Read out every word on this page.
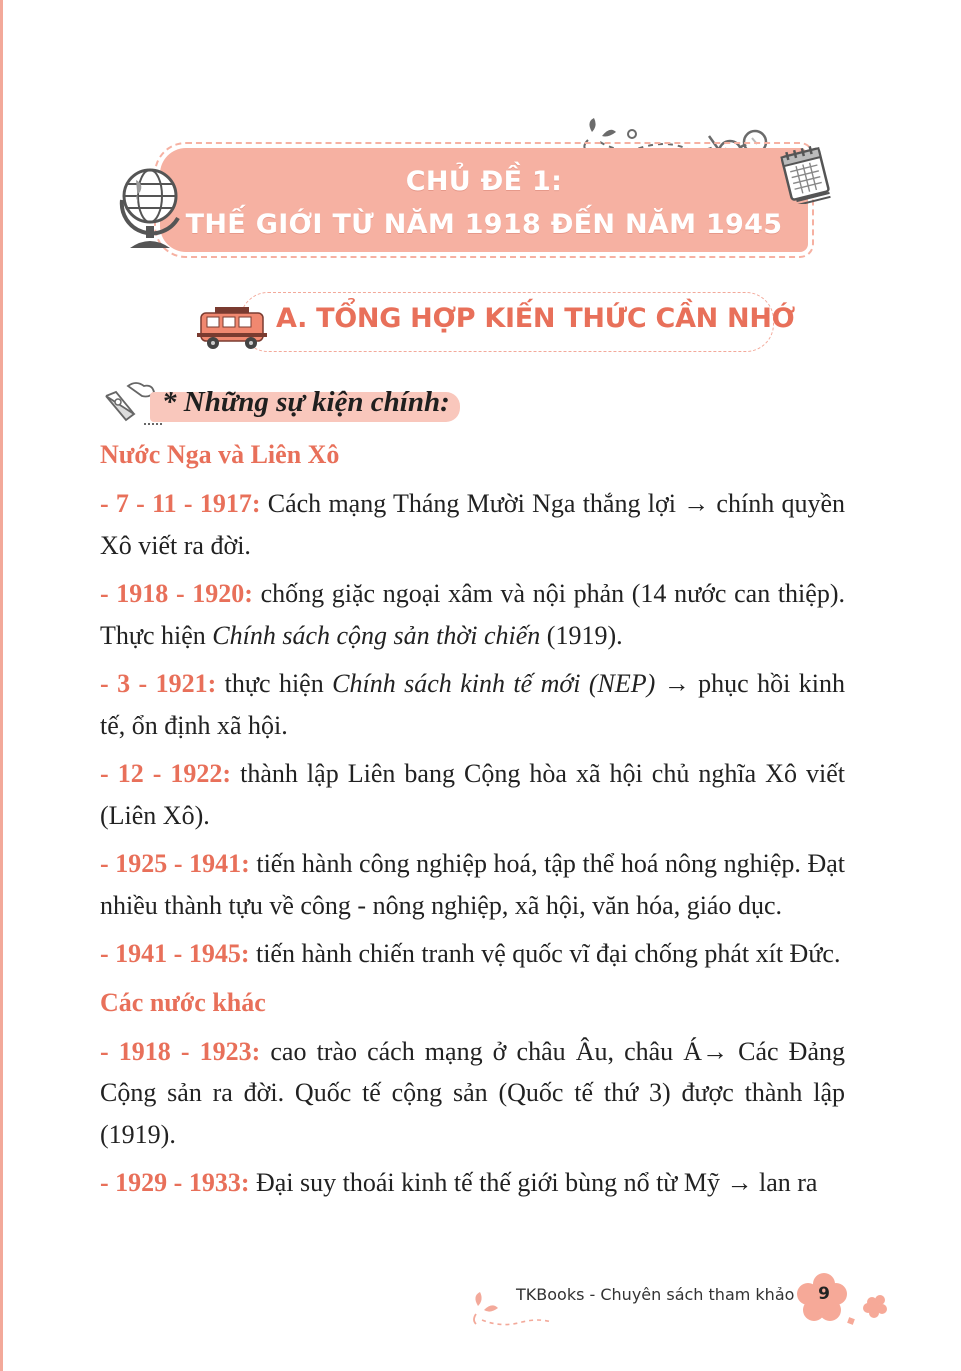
CHỦ ĐỀ 1:
THẾ GIỚI TỪ NĂM 1918 ĐẾN NĂM 1945
A. TỔNG HỢP KIẾN THỨC CẦN NHỚ
* Những sự kiện chính:
Nước Nga và Liên Xô

- 7 - 11 - 1917: Cách mạng Tháng Mười Nga thắng lợi → chính quyền Xô viết ra đời.

- 1918 - 1920: chống giặc ngoại xâm và nội phản (14 nước can thiệp). Thực hiện Chính sách cộng sản thời chiến (1919).

- 3 - 1921: thực hiện Chính sách kinh tế mới (NEP) → phục hồi kinh tế, ổn định xã hội.

- 12 - 1922: thành lập Liên bang Cộng hòa xã hội chủ nghĩa Xô viết (Liên Xô).

- 1925 - 1941: tiến hành công nghiệp hoá, tập thể hoá nông nghiệp. Đạt nhiều thành tựu về công - nông nghiệp, xã hội, văn hóa, giáo dục.

- 1941 - 1945: tiến hành chiến tranh vệ quốc vĩ đại chống phát xít Đức.

Các nước khác

- 1918 - 1923: cao trào cách mạng ở châu Âu, châu Á→ Các Đảng Cộng sản ra đời. Quốc tế cộng sản (Quốc tế thứ 3) được thành lập (1919).

- 1929 - 1933: Đại suy thoái kinh tế thế giới bùng nổ từ Mỹ → lan ra

TKBooks - Chuyên sách tham khảo	9
